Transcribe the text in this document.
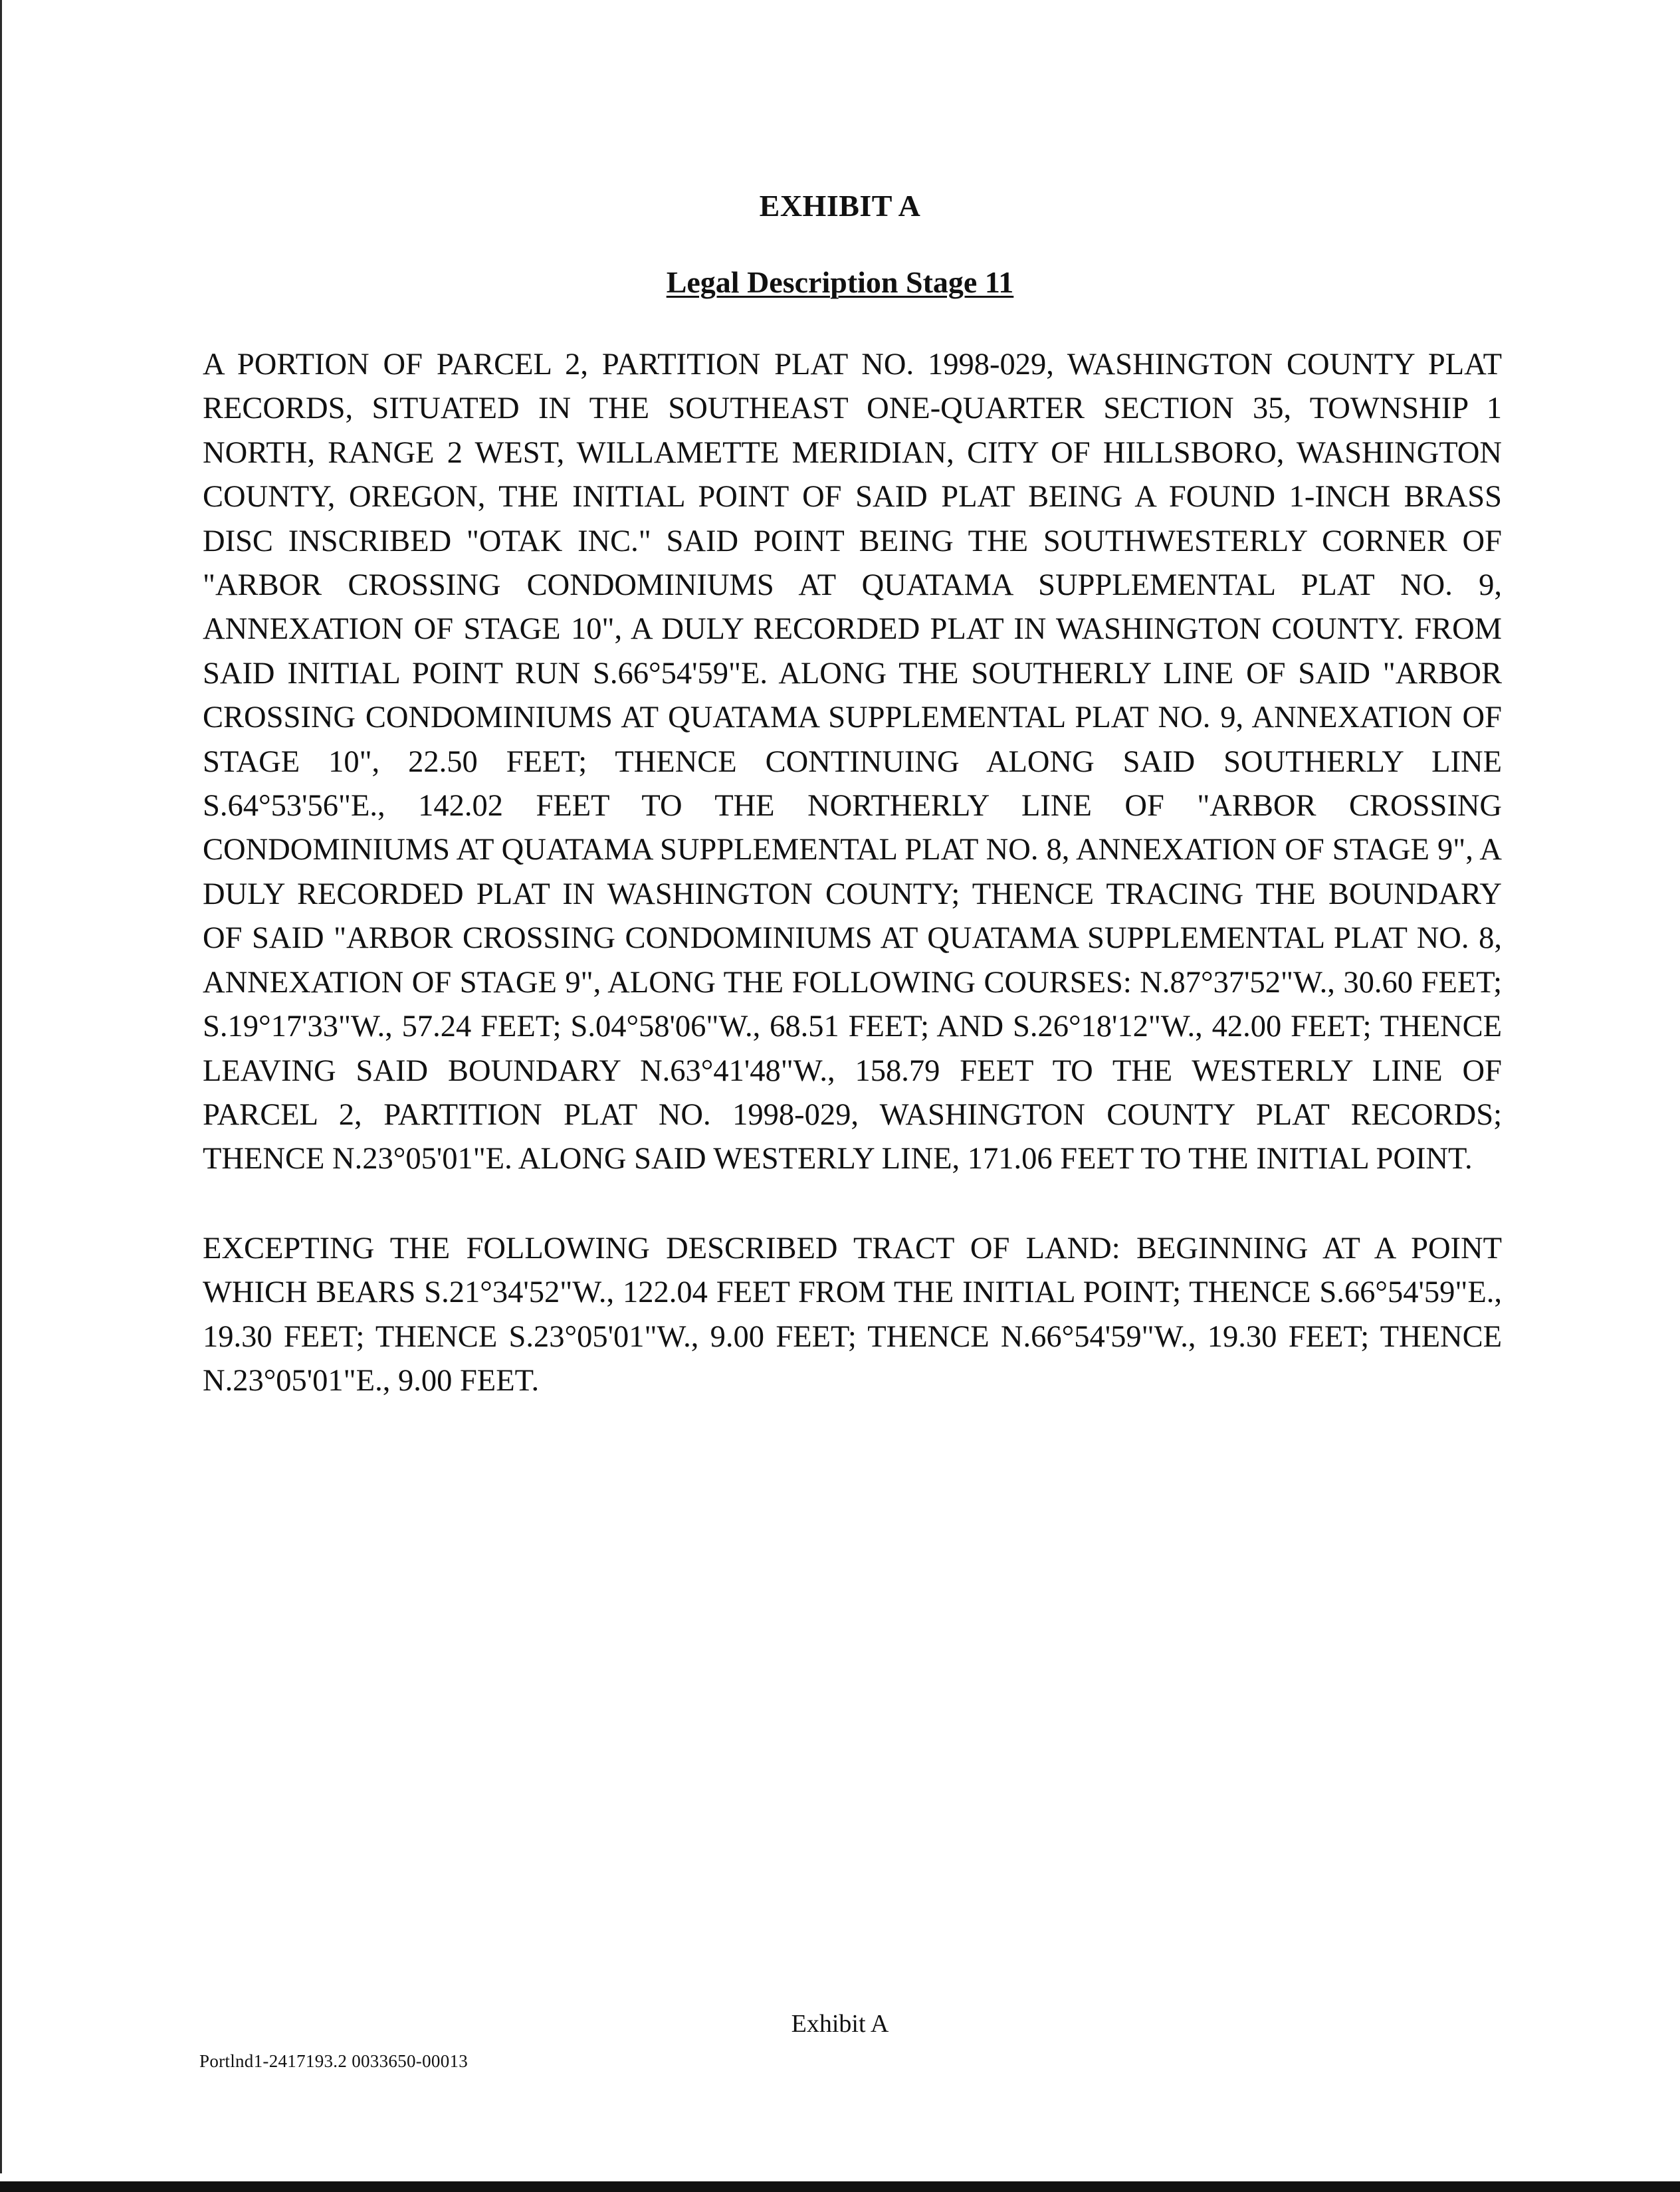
EXHIBIT A
Legal Description Stage 11

A PORTION OF PARCEL 2, PARTITION PLAT NO. 1998-029, WASHINGTON COUNTY PLAT RECORDS, SITUATED IN THE SOUTHEAST ONE-QUARTER SECTION 35, TOWNSHIP 1 NORTH, RANGE 2 WEST, WILLAMETTE MERIDIAN, CITY OF HILLSBORO, WASHINGTON COUNTY, OREGON, THE INITIAL POINT OF SAID PLAT BEING A FOUND 1-INCH BRASS DISC INSCRIBED "OTAK INC." SAID POINT BEING THE SOUTHWESTERLY CORNER OF "ARBOR CROSSING CONDOMINIUMS AT QUATAMA SUPPLEMENTAL PLAT NO. 9, ANNEXATION OF STAGE 10", A DULY RECORDED PLAT IN WASHINGTON COUNTY. FROM SAID INITIAL POINT RUN S.66°54'59"E. ALONG THE SOUTHERLY LINE OF SAID "ARBOR CROSSING CONDOMINIUMS AT QUATAMA SUPPLEMENTAL PLAT NO. 9, ANNEXATION OF STAGE 10", 22.50 FEET; THENCE CONTINUING ALONG SAID SOUTHERLY LINE S.64°53'56"E., 142.02 FEET TO THE NORTHERLY LINE OF "ARBOR CROSSING CONDOMINIUMS AT QUATAMA SUPPLEMENTAL PLAT NO. 8, ANNEXATION OF STAGE 9", A DULY RECORDED PLAT IN WASHINGTON COUNTY; THENCE TRACING THE BOUNDARY OF SAID "ARBOR CROSSING CONDOMINIUMS AT QUATAMA SUPPLEMENTAL PLAT NO. 8, ANNEXATION OF STAGE 9", ALONG THE FOLLOWING COURSES: N.87°37'52"W., 30.60 FEET; S.19°17'33"W., 57.24 FEET; S.04°58'06"W., 68.51 FEET; AND S.26°18'12"W., 42.00 FEET; THENCE LEAVING SAID BOUNDARY N.63°41'48"W., 158.79 FEET TO THE WESTERLY LINE OF PARCEL 2, PARTITION PLAT NO. 1998-029, WASHINGTON COUNTY PLAT RECORDS; THENCE N.23°05'01"E. ALONG SAID WESTERLY LINE, 171.06 FEET TO THE INITIAL POINT.

EXCEPTING THE FOLLOWING DESCRIBED TRACT OF LAND: BEGINNING AT A POINT WHICH BEARS S.21°34'52"W., 122.04 FEET FROM THE INITIAL POINT; THENCE S.66°54'59"E., 19.30 FEET; THENCE S.23°05'01"W., 9.00 FEET; THENCE N.66°54'59"W., 19.30 FEET; THENCE N.23°05'01"E., 9.00 FEET.

Exhibit A
Portlnd1-2417193.2 0033650-00013
